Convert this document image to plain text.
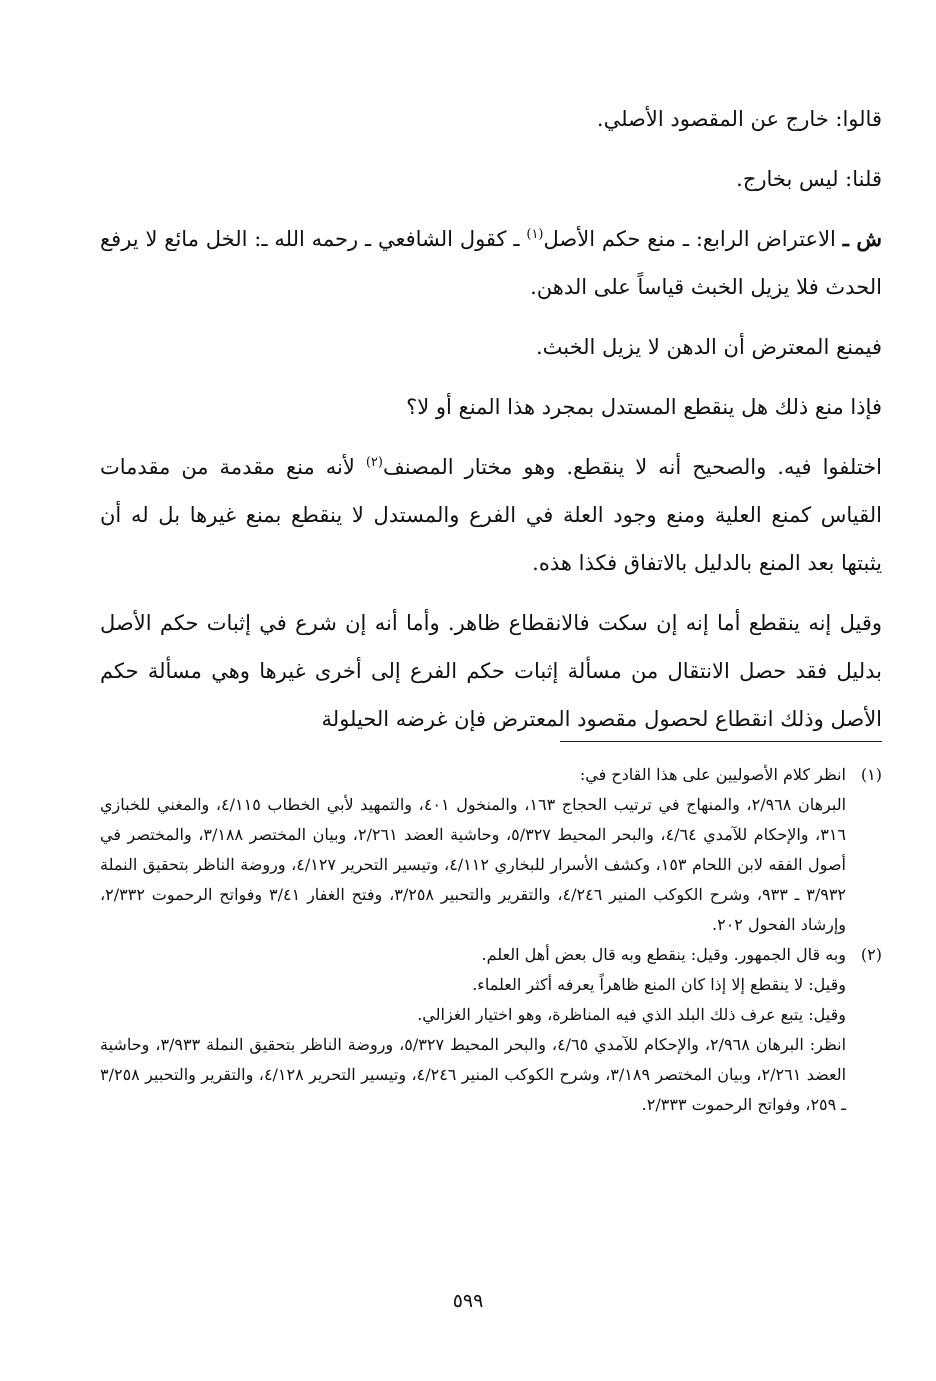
قالوا: خارج عن المقصود الأصلي.

قلنا: ليس بخارج.

ش ـ الاعتراض الرابع: ـ منع حكم الأصل$^{(١)}$ ـ كقول الشافعي ـ رحمه الله ـ: الخل مائع لا يرفع الحدث فلا يزيل الخبث قياساً على الدهن.

فيمنع المعترض أن الدهن لا يزيل الخبث.

فإذا منع ذلك هل ينقطع المستدل بمجرد هذا المنع أو لا؟

اختلفوا فيه. والصحيح أنه لا ينقطع. وهو مختار المصنف$^{(٢)}$ لأنه منع مقدمة من مقدمات القياس كمنع العلية ومنع وجود العلة في الفرع والمستدل لا ينقطع بمنع غيرها بل له أن يثبتها بعد المنع بالدليل بالاتفاق فكذا هذه.

وقيل إنه ينقطع أما إنه إن سكت فالانقطاع ظاهر. وأما أنه إن شرع في إثبات حكم الأصل بدليل فقد حصل الانتقال من مسألة إثبات حكم الفرع إلى أخرى غيرها وهي مسألة حكم الأصل وذلك انقطاع لحصول مقصود المعترض فإن غرضه الحيلولة

(١)انظر كلام الأصوليين على هذا القادح في:

البرهان ٢/٩٦٨، والمنهاج في ترتيب الحجاج ١٦٣، والمنخول ٤٠١، والتمهيد لأبي الخطاب ٤/١١٥، والمغني للخبازي ٣١٦، والإحكام للآمدي ٤/٦٤، والبحر المحيط ٥/٣٢٧، وحاشية العضد ٢/٢٦١، وبيان المختصر ٣/١٨٨، والمختصر في أصول الفقه لابن اللحام ١٥٣، وكشف الأسرار للبخاري ٤/١١٢، وتيسير التحرير ٤/١٢٧، وروضة الناظر بتحقيق النملة ٣/٩٣٢ ـ ٩٣٣، وشرح الكوكب المنير ٤/٢٤٦، والتقرير والتحبير ٣/٢٥٨، وفتح الغفار ٣/٤١ وفواتح الرحموت ٢/٣٣٢، وإرشاد الفحول ٢٠٢.

(٢)وبه قال الجمهور. وقيل: ينقطع وبه قال بعض أهل العلم.

وقيل: لا ينقطع إلا إذا كان المنع ظاهراً يعرفه أكثر العلماء.

وقيل: يتبع عرف ذلك البلد الذي فيه المناظرة، وهو اختيار الغزالي.

انظر: البرهان ٢/٩٦٨، والإحكام للآمدي ٤/٦٥، والبحر المحيط ٥/٣٢٧، وروضة الناظر بتحقيق النملة ٣/٩٣٣، وحاشية العضد ٢/٢٦١، وبيان المختصر ٣/١٨٩، وشرح الكوكب المنير ٤/٢٤٦، وتيسير التحرير ٤/١٢٨، والتقرير والتحبير ٣/٢٥٨ ـ ٢٥٩، وفواتح الرحموت ٢/٣٣٣.

٥٩٩
